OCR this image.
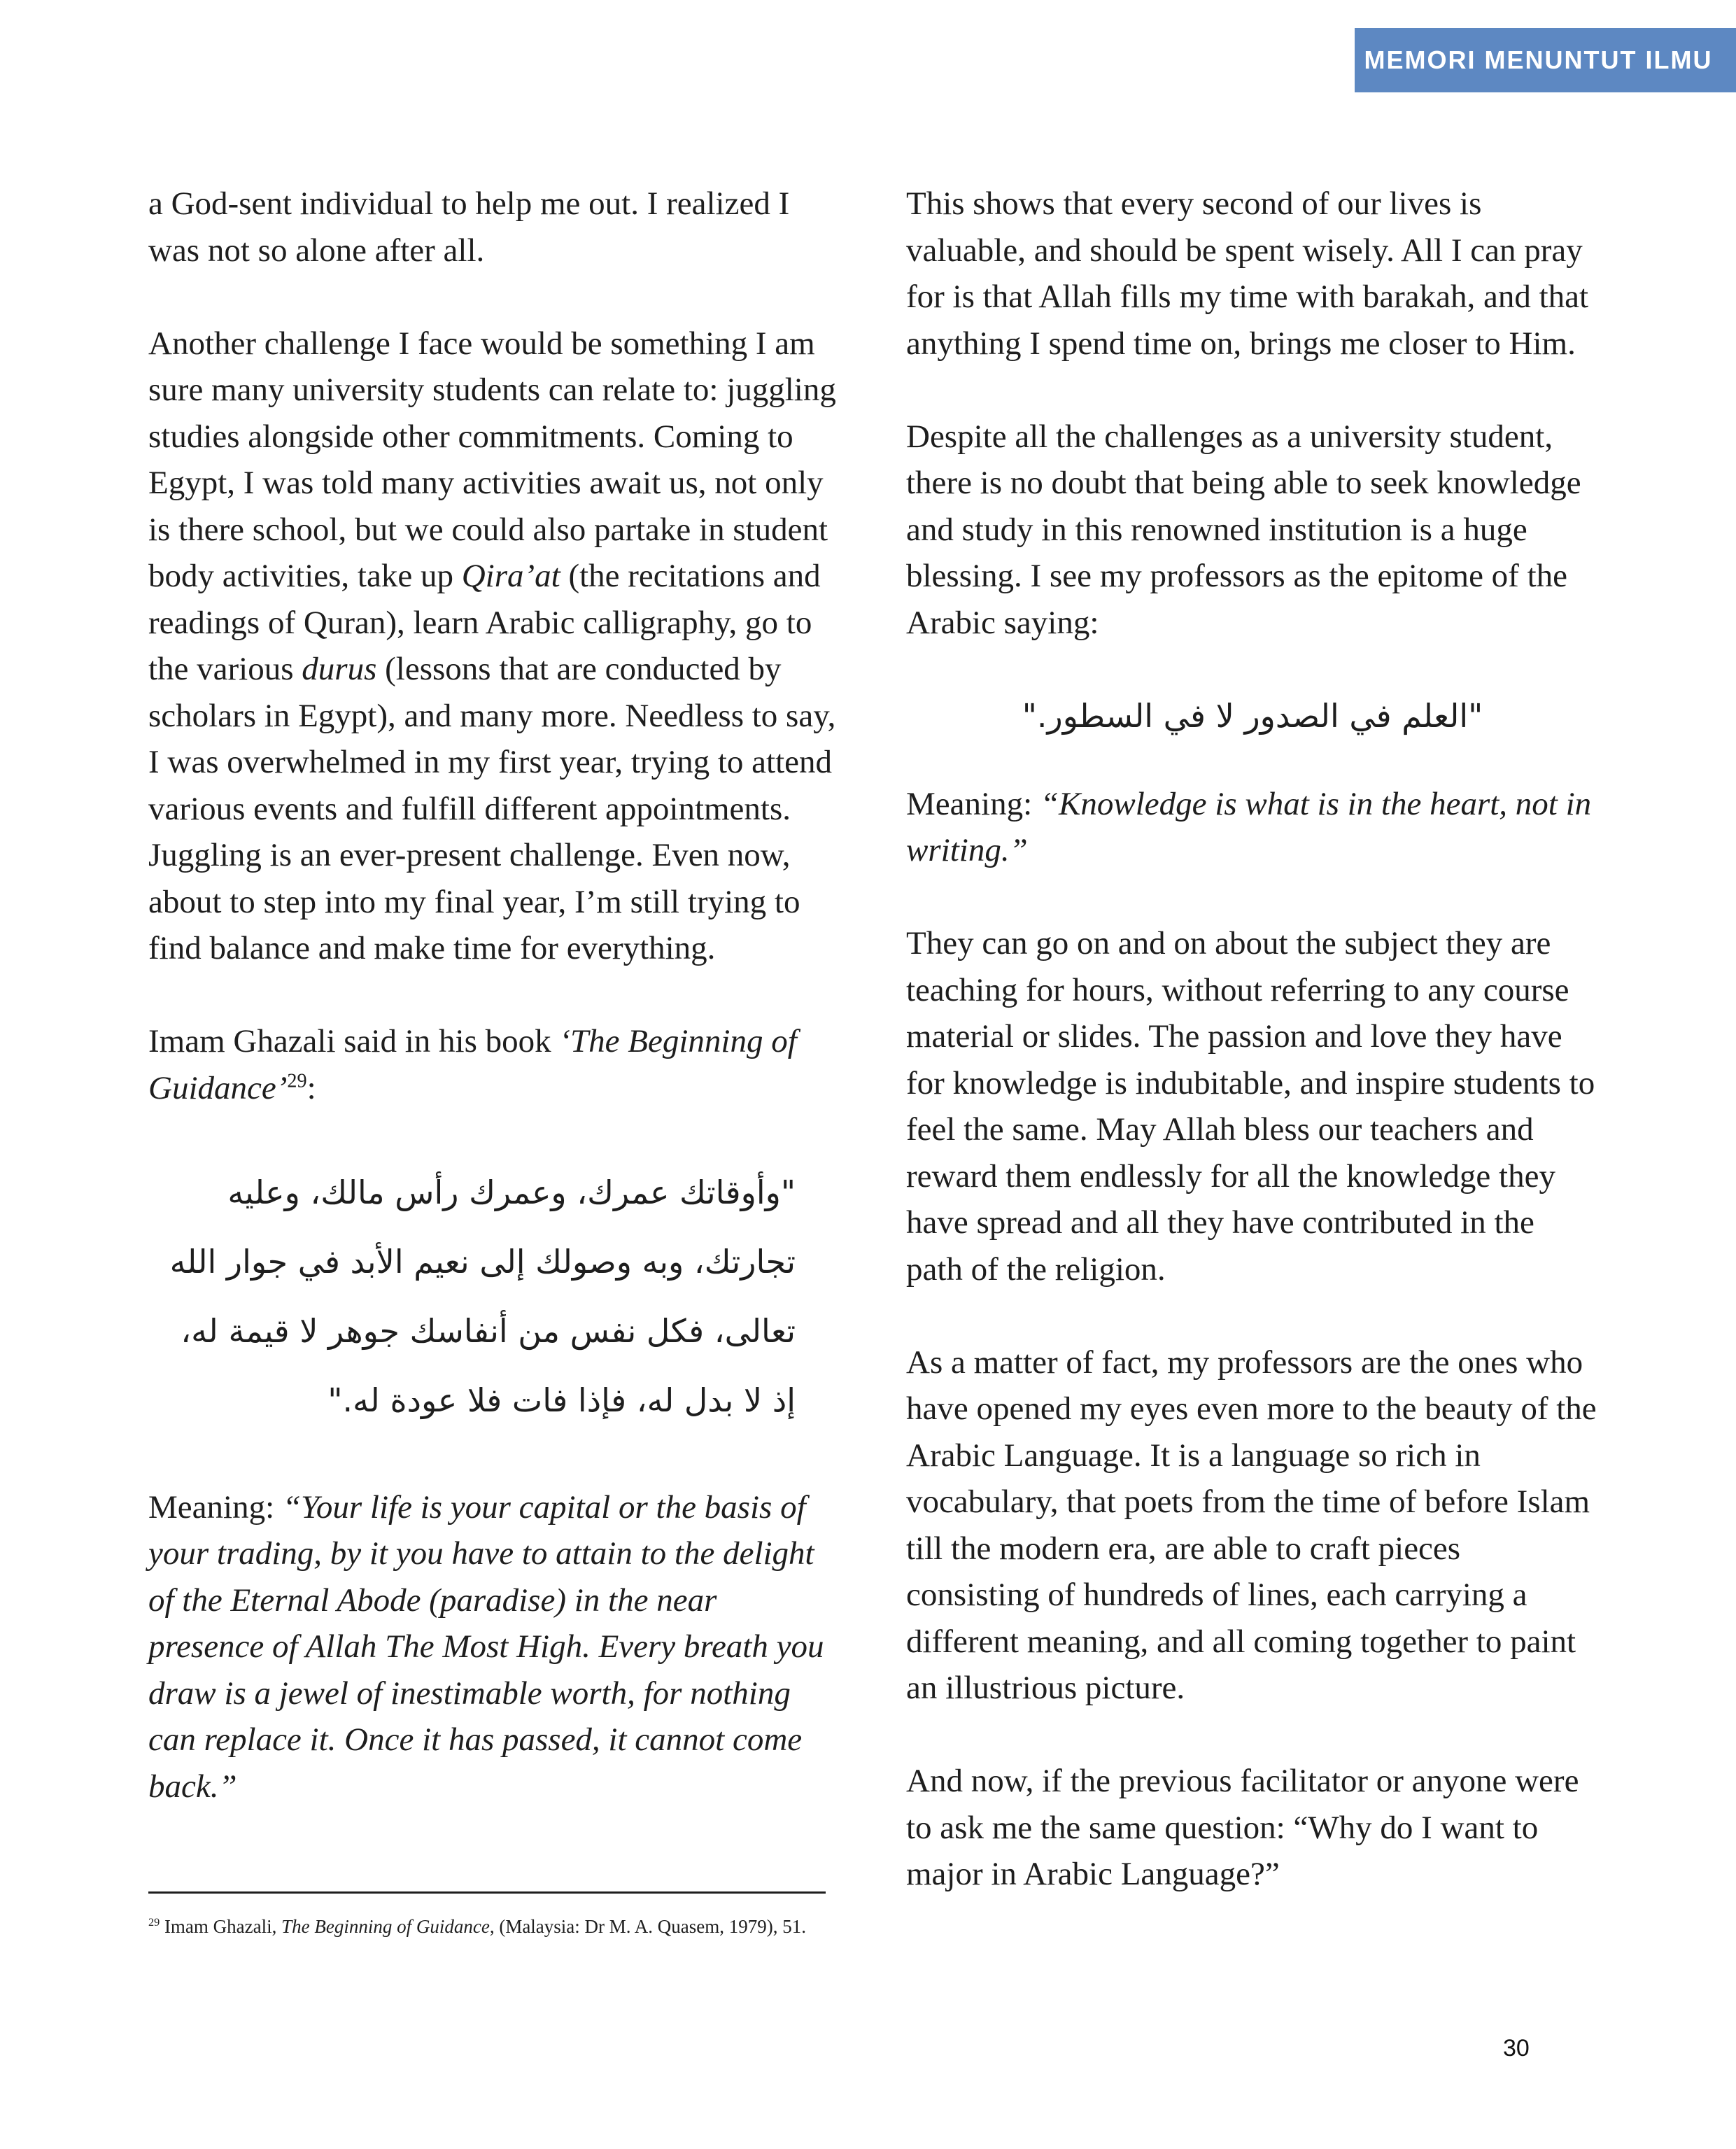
MEMORI MENUNTUT ILMU

a God-sent individual to help me out. I realized I was not so alone after all.

Another challenge I face would be something I am sure many university students can relate to: juggling studies alongside other commitments. Coming to Egypt, I was told many activities await us, not only is there school, but we could also partake in student body activities, take up Qira’at (the recitations and readings of Quran), learn Arabic calligraphy, go to the various durus (lessons that are conducted by scholars in Egypt), and many more. Needless to say, I was overwhelmed in my first year, trying to attend various events and fulfill different appointments. Juggling is an ever-present challenge. Even now, about to step into my final year, I’m still trying to find balance and make time for everything.

Imam Ghazali said in his book ‘The Beginning of Guidance’$^{29}$:

"وأوقاتك عمرك، وعمرك رأس مالك، وعليه تجارتك، وبه وصولك إلى نعيم الأبد في جوار الله تعالى، فكل نفس من أنفاسك جوهر لا قيمة له، إذ لا بدل له، فإذا فات فلا عودة له."

Meaning: “Your life is your capital or the basis of your trading, by it you have to attain to the delight of the Eternal Abode (paradise) in the near presence of Allah The Most High. Every breath you draw is a jewel of inestimable worth, for nothing can replace it. Once it has passed, it cannot come back.”

$^{29}$ Imam Ghazali, The Beginning of Guidance, (Malaysia: Dr M. A. Quasem, 1979), 51.

This shows that every second of our lives is valuable, and should be spent wisely. All I can pray for is that Allah fills my time with barakah, and that anything I spend time on, brings me closer to Him.

Despite all the challenges as a university student, there is no doubt that being able to seek knowledge and study in this renowned institution is a huge blessing. I see my professors as the epitome of the Arabic saying:

"العلم في الصدور لا في السطور."

Meaning: “Knowledge is what is in the heart, not in writing.”

They can go on and on about the subject they are teaching for hours, without referring to any course material or slides. The passion and love they have for knowledge is indubitable, and inspire students to feel the same. May Allah bless our teachers and reward them endlessly for all the knowledge they have spread and all they have contributed in the path of the religion.

As a matter of fact, my professors are the ones who have opened my eyes even more to the beauty of the Arabic Language. It is a language so rich in vocabulary, that poets from the time of before Islam till the modern era, are able to craft pieces consisting of hundreds of lines, each carrying a different meaning, and all coming together to paint an illustrious picture.

And now, if the previous facilitator or anyone were to ask me the same question: “Why do I want to major in Arabic Language?”

30
